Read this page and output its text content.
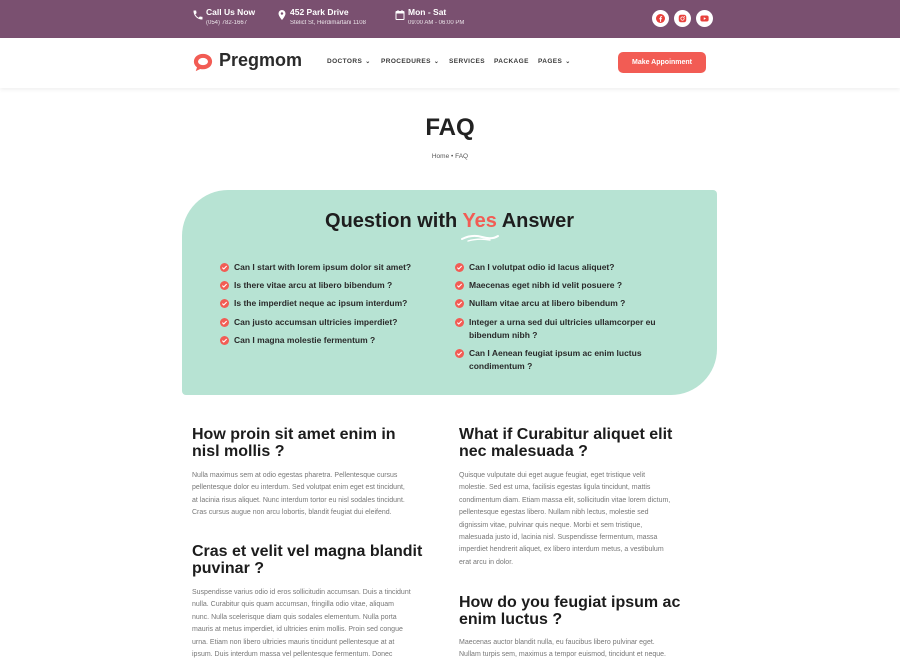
Call Us Now
(054) 782-1667
452 Park Drive
Stelict St, Herdimartani 1108
Mon - Sat
09:00 AM - 06:00 PM
Pregmom	DOCTORS ⌄ PROCEDURES ⌄ SERVICES PACKAGE PAGES ⌄	Make Appoinment
FAQ
Home • FAQ
Question with Yes
Answer
Can I start with lorem ipsum dolor sit amet?
Is there vitae arcu at libero bibendum ?
Is the imperdiet neque ac ipsum interdum?
Can justo accumsan ultricies imperdiet?
Can I magna molestie fermentum ?
Can I volutpat odio id lacus aliquet?
Maecenas eget nibh id velit posuere ?
Nullam vitae arcu at libero bibendum ?
Integer a urna sed dui ultricies ullamcorper eu
bibendum nibh ?
Can I Aenean feugiat ipsum ac enim luctus
condimentum ?
How proin sit amet enim in
nisl mollis ?
Nulla maximus sem at odio egestas pharetra. Pellentesque cursus
pellentesque dolor eu interdum. Sed volutpat enim eget est tincidunt,
at lacinia risus aliquet. Nunc interdum tortor eu nisl sodales tincidunt.
Cras cursus augue non arcu lobortis, blandit feugiat dui eleifend.
Cras et velit vel magna blandit
puvinar ?
Suspendisse varius odio id eros sollicitudin accumsan. Duis a tincidunt
nulla. Curabitur quis quam accumsan, fringilla odio vitae, aliquam
nunc. Nulla scelerisque diam quis sodales elementum. Nulla porta
mauris at metus imperdiet, id ultricies enim mollis. Proin sed congue
urna. Etiam non libero ultricies mauris tincidunt pellentesque at at
ipsum. Duis interdum massa vel pellentesque fermentum. Donec
What if Curabitur aliquet elit
nec malesuada ?
Quisque vulputate dui eget augue feugiat, eget tristique velit
molestie. Sed est urna, facilisis egestas ligula tincidunt, mattis
condimentum diam. Etiam massa elit, sollicitudin vitae lorem dictum,
pellentesque egestas libero. Nullam nibh lectus, molestie sed
dignissim vitae, pulvinar quis neque. Morbi et sem tristique,
malesuada justo id, lacinia nisl. Suspendisse fermentum, massa
imperdiet hendrerit aliquet, ex libero interdum metus, a vestibulum
erat arcu in dolor.
How do you feugiat ipsum ac
enim luctus ?
Maecenas auctor blandit nulla, eu faucibus libero pulvinar eget.
Nullam turpis sem, maximus a tempor euismod, tincidunt et neque.
